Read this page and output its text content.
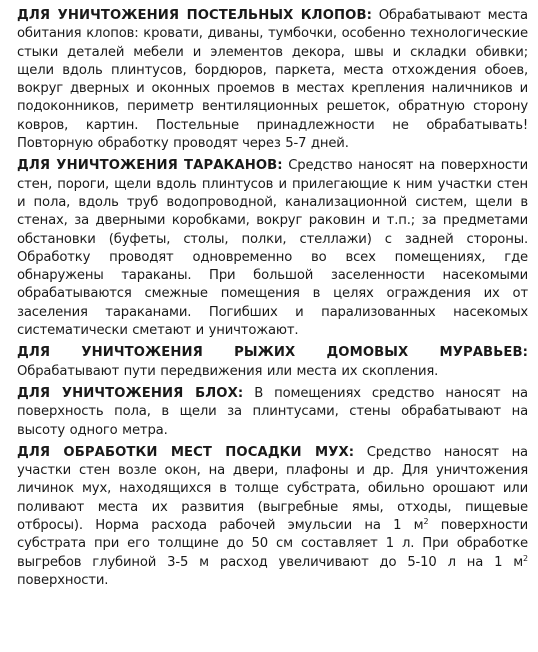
ДЛЯ УНИЧТОЖЕНИЯ ПОСТЕЛЬНЫХ КЛОПОВ: Обрабатывают места обитания клопов: кровати, диваны, тумбочки, особенно технологические стыки деталей мебели и элементов декора, швы и складки обивки; щели вдоль плинтусов, бордюров, паркета, места отхождения обоев, вокруг дверных и оконных проемов в местах крепления наличников и подоконников, периметр вентиляционных решеток, обратную сторону ковров, картин. Постельные принадлежности не обрабатывать! Повторную обработку проводят через 5-7 дней.

ДЛЯ УНИЧТОЖЕНИЯ ТАРАКАНОВ: Средство наносят на поверхности стен, пороги, щели вдоль плинтусов и прилегающие к ним участки стен и пола, вдоль труб водопроводной, канализационной систем, щели в стенах, за дверными коробками, вокруг раковин и т.п.; за предметами обстановки (буфеты, столы, полки, стеллажи) с задней стороны. Обработку проводят одновременно во всех помещениях, где обнаружены тараканы. При большой заселенности насекомыми обрабатываются смежные помещения в целях ограждения их от заселения тараканами. Погибших и парализованных насекомых систематически сметают и уничтожают.

ДЛЯ УНИЧТОЖЕНИЯ РЫЖИХ ДОМОВЫХ МУРАВЬЕВ: Обрабатывают пути передвижения или места их скопления.

ДЛЯ УНИЧТОЖЕНИЯ БЛОХ: В помещениях средство наносят на поверхность пола, в щели за плинтусами, стены обрабатывают на высоту одного метра.

ДЛЯ ОБРАБОТКИ МЕСТ ПОСАДКИ МУХ: Средство наносят на участки стен возле окон, на двери, плафоны и др. Для уничтожения личинок мух, находящихся в толще субстрата, обильно орошают или поливают места их развития (выгребные ямы, отходы, пищевые отбросы). Норма расхода рабочей эмульсии на 1 $м^2$ поверхности субстрата при его толщине до 50 см составляет 1 л. При обработке выгребов глубиной 3-5 м расход увеличивают до 5-10 л на 1 $м^2$ поверхности.
